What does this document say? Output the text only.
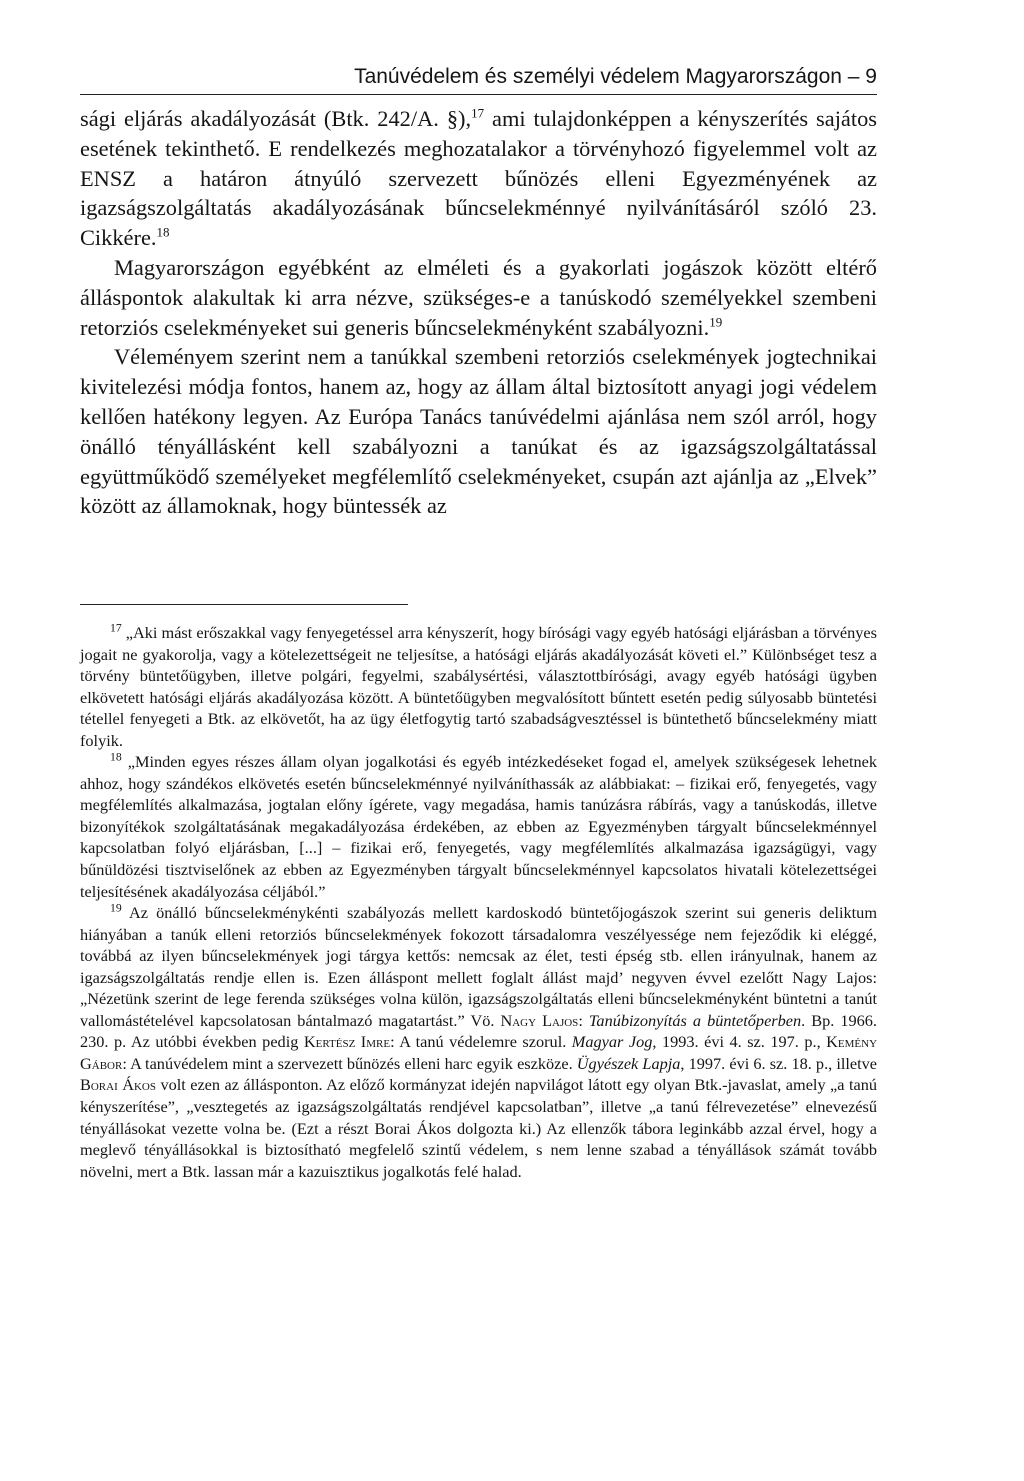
Tanúvédelem és személyi védelem Magyarországon – 9

sági eljárás akadályozását (Btk. 242/A. §),$^{17}$ ami tulajdonképpen a kényszerítés sajátos esetének tekinthető. E rendelkezés meghozatalakor a törvényhozó figyelemmel volt az ENSZ a határon átnyúló szervezett bűnözés elleni Egyezményének az igazságszolgáltatás akadályozásának bűncselekménnyé nyilvánításáról szóló 23. Cikkére.$^{18}$

Magyarországon egyébként az elméleti és a gyakorlati jogászok között eltérő álláspontok alakultak ki arra nézve, szükséges-e a tanúskodó személyekkel szembeni retorziós cselekményeket sui generis bűncselekményként szabályozni.$^{19}$

Véleményem szerint nem a tanúkkal szembeni retorziós cselekmények jogtechnikai kivitelezési módja fontos, hanem az, hogy az állam által biztosított anyagi jogi védelem kellően hatékony legyen. Az Európa Tanács tanúvédelmi ajánlása nem szól arról, hogy önálló tényállásként kell szabályozni a tanúkat és az igazságszolgáltatással együttműködő személyeket megfélemlítő cselekményeket, csupán azt ajánlja az „Elvek” között az államoknak, hogy büntessék az

$^{17}$ „Aki mást erőszakkal vagy fenyegetéssel arra kényszerít, hogy bírósági vagy egyéb hatósági eljárásban a törvényes jogait ne gyakorolja, vagy a kötelezettségeit ne teljesítse, a hatósági eljárás akadályozását követi el.” Különbséget tesz a törvény büntetőügyben, illetve polgári, fegyelmi, szabálysértési, választottbírósági, avagy egyéb hatósági ügyben elkövetett hatósági eljárás akadályozása között. A büntetőügyben megvalósított bűntett esetén pedig súlyosabb büntetési tétellel fenyegeti a Btk. az elkövetőt, ha az ügy életfogytig tartó szabadságvesztéssel is büntethető bűncselekmény miatt folyik.

$^{18}$ „Minden egyes részes állam olyan jogalkotási és egyéb intézkedéseket fogad el, amelyek szükségesek lehetnek ahhoz, hogy szándékos elkövetés esetén bűncselekménnyé nyilváníthassák az alábbiakat: – fizikai erő, fenyegetés, vagy megfélemlítés alkalmazása, jogtalan előny ígérete, vagy megadása, hamis tanúzásra rábírás, vagy a tanúskodás, illetve bizonyítékok szolgáltatásának megakadályozása érdekében, az ebben az Egyezményben tárgyalt bűncselekménnyel kapcsolatban folyó eljárásban, [...] – fizikai erő, fenyegetés, vagy megfélemlítés alkalmazása igazságügyi, vagy bűnüldözési tisztviselőnek az ebben az Egyezményben tárgyalt bűncselekménnyel kapcsolatos hivatali kötelezettségei teljesítésének akadályozása céljából.”

$^{19}$ Az önálló bűncselekménykénti szabályozás mellett kardoskodó büntetőjogászok szerint sui generis deliktum hiányában a tanúk elleni retorziós bűncselekmények fokozott társadalomra veszélyessége nem fejeződik ki eléggé, továbbá az ilyen bűncselekmények jogi tárgya kettős: nemcsak az élet, testi épség stb. ellen irányulnak, hanem az igazságszolgáltatás rendje ellen is. Ezen álláspont mellett foglalt állást majd’ negyven évvel ezelőtt Nagy Lajos: „Nézetünk szerint de lege ferenda szükséges volna külön, igazságszolgáltatás elleni bűncselekményként büntetni a tanút vallomástételével kapcsolatosan bántalmazó magatartást.” Vö. Nagy Lajos: Tanúbizonyítás a büntetőperben. Bp. 1966. 230. p. Az utóbbi években pedig Kertész Imre: A tanú védelemre szorul. Magyar Jog, 1993. évi 4. sz. 197. p., Kemény Gábor: A tanúvédelem mint a szervezett bűnözés elleni harc egyik eszköze. Ügyészek Lapja, 1997. évi 6. sz. 18. p., illetve Borai Ákos volt ezen az állásponton. Az előző kormányzat idején napvilágot látott egy olyan Btk.-javaslat, amely „a tanú kényszerítése”, „vesztegetés az igazságszolgáltatás rendjével kapcsolatban”, illetve „a tanú félrevezetése” elnevezésű tényállásokat vezette volna be. (Ezt a részt Borai Ákos dolgozta ki.) Az ellenzők tábora leginkább azzal érvel, hogy a meglevő tényállásokkal is biztosítható megfelelő szintű védelem, s nem lenne szabad a tényállások számát tovább növelni, mert a Btk. lassan már a kazuisztikus jogalkotás felé halad.
